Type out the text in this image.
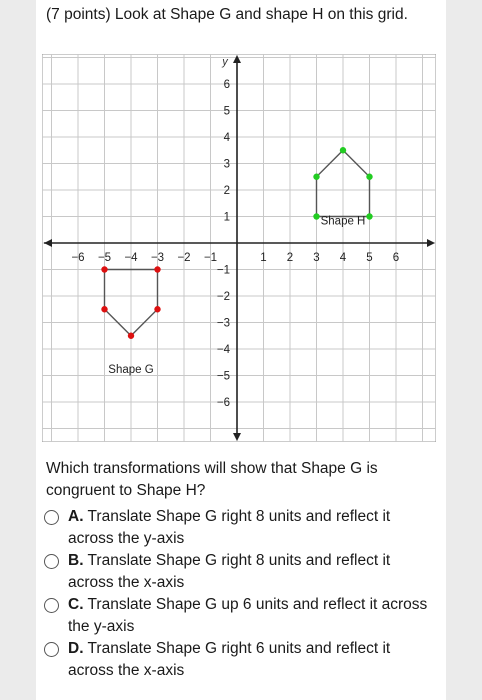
(7 points) Look at Shape G and shape H on this grid.
y
−6 −5 −4 −3 −2 −1	1 2 3 4 5 6
6
5
4
3
2
1
−1
−2
−3
−4
−5
−6
Shape H
Shape G
Which transformations will show that Shape G is congruent to Shape H?
A. Translate Shape G right 8 units and reflect it across the y-axis
B. Translate Shape G right 8 units and reflect it across the x-axis
C. Translate Shape G up 6 units and reflect it across the y-axis
D. Translate Shape G right 6 units and reflect it across the x-axis
